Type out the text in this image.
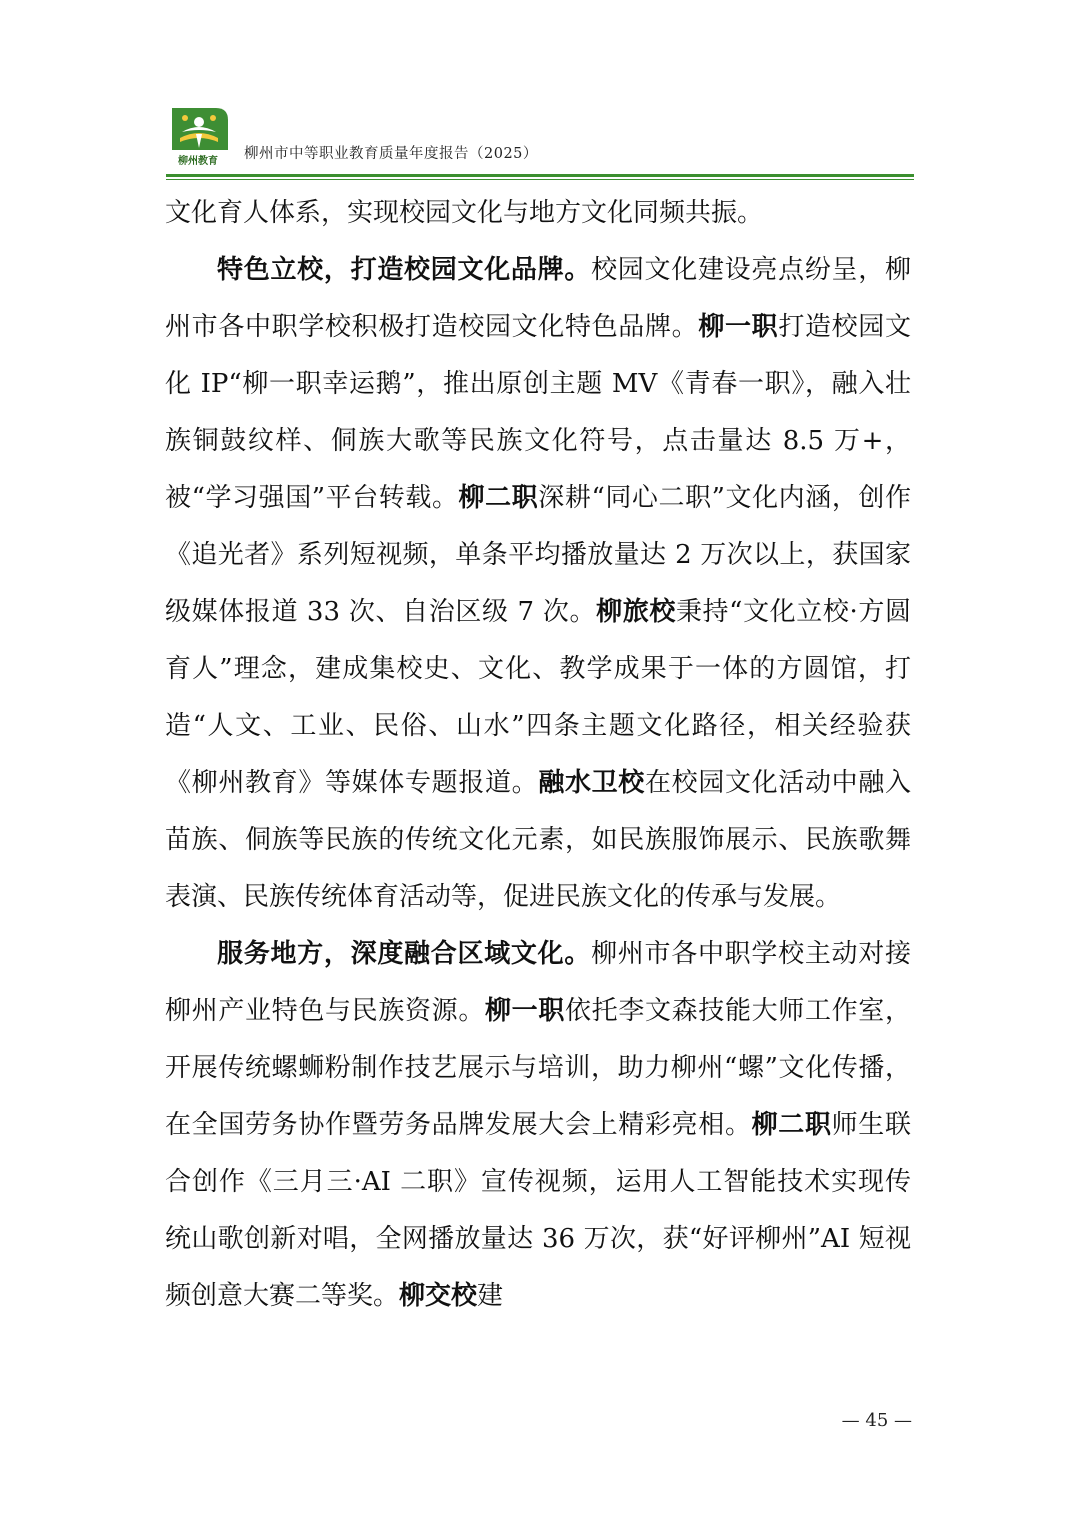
柳州教育	柳州市中等职业教育质量年度报告（2025）

文化育人体系，实现校园文化与地方文化同频共振。

特色立校，打造校园文化品牌。校园文化建设亮点纷呈，柳州市各中职学校积极打造校园文化特色品牌。柳一职打造校园文化 IP“柳一职幸运鹅”，推出原创主题 MV《青春一职》，融入壮族铜鼓纹样、侗族大歌等民族文化符号，点击量达 8.5 万+，被“学习强国”平台转载。柳二职深耕“同心二职”文化内涵，创作《追光者》系列短视频，单条平均播放量达 2 万次以上，获国家级媒体报道 33 次、自治区级 7 次。柳旅校秉持“文化立校·方圆育人”理念，建成集校史、文化、教学成果于一体的方圆馆，打造“人文、工业、民俗、山水”四条主题文化路径，相关经验获《柳州教育》等媒体专题报道。融水卫校在校园文化活动中融入苗族、侗族等民族的传统文化元素，如民族服饰展示、民族歌舞表演、民族传统体育活动等，促进民族文化的传承与发展。

服务地方，深度融合区域文化。柳州市各中职学校主动对接柳州产业特色与民族资源。柳一职依托李文森技能大师工作室，开展传统螺蛳粉制作技艺展示与培训，助力柳州“螺”文化传播，在全国劳务协作暨劳务品牌发展大会上精彩亮相。柳二职师生联合创作《三月三·AI 二职》宣传视频，运用人工智能技术实现传统山歌创新对唱，全网播放量达 36 万次，获“好评柳州”AI 短视频创意大赛二等奖。柳交校建

— 45 —
